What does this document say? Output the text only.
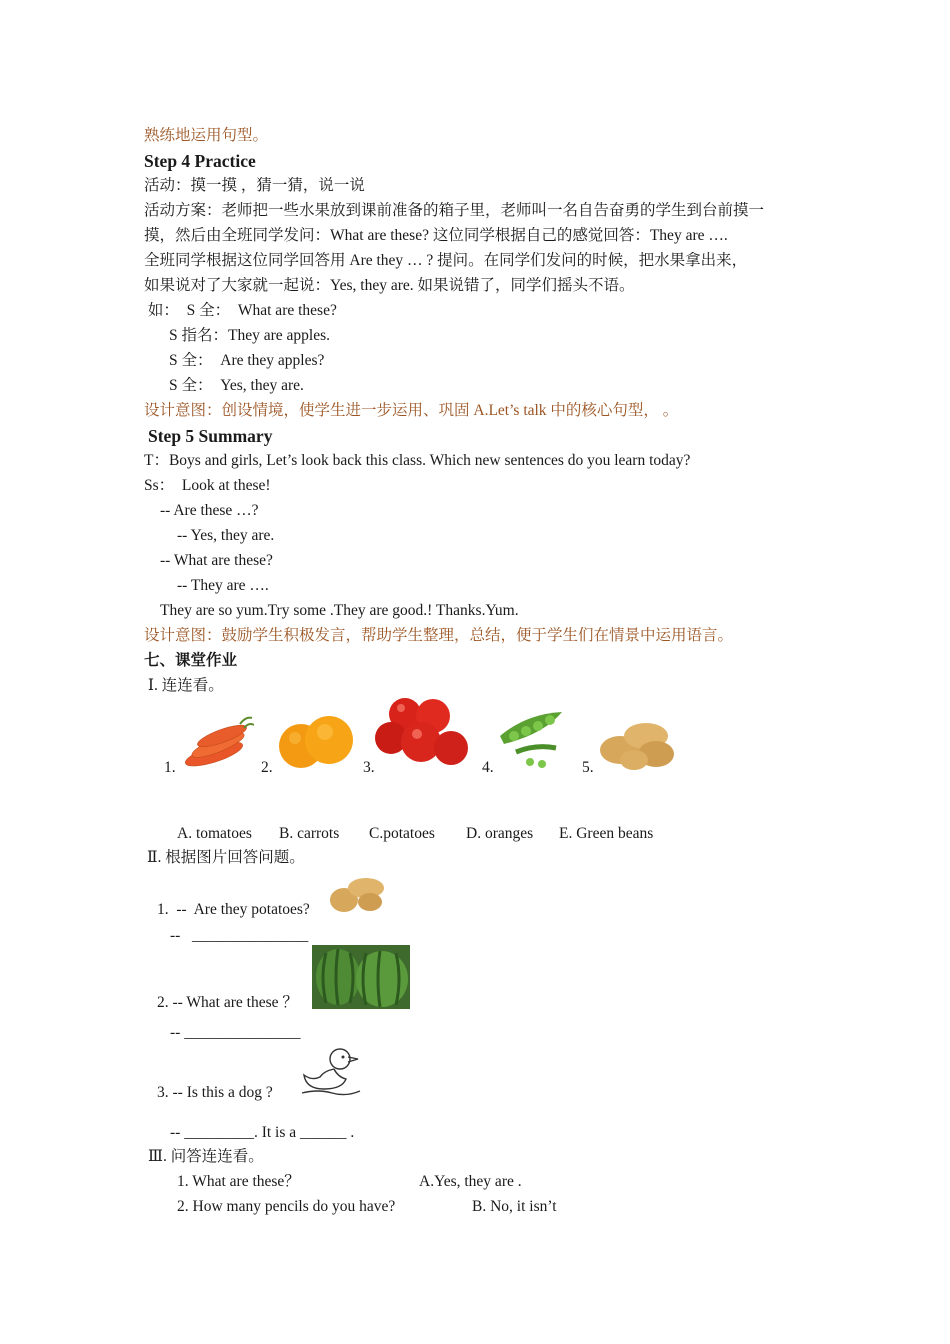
熟练地运用句型。
Step 4 Practice
活动：摸一摸 ，猜一猜，说一说
活动方案：老师把一些水果放到课前准备的箱子里，老师叫一名自告奋勇的学生到台前摸一
摸，然后由全班同学发问：What are these? 这位同学根据自己的感觉回答：They are ….
全班同学根据这位同学回答用 Are they … ? 提问。在同学们发问的时候，把水果拿出来，
如果说对了大家就一起说：Yes, they are. 如果说错了，同学们摇头不语。
如：  S 全：  What are these?
S 指名：They are apples.
S 全：  Are they apples?
S 全：  Yes, they are.
设计意图：创设情境，使学生进一步运用、巩固 A.Let’s talk 中的核心句型， 。
Step 5 Summary
T：Boys and girls, Let’s look back this class. Which new sentences do you learn today?
Ss：  Look at these!
-- Are these …?
-- Yes, they are.
-- What are these?
-- They are ….
They are so yum.Try some .They are good.! Thanks.Yum.
设计意图：鼓励学生积极发言，帮助学生整理，总结，便于学生们在情景中运用语言。
七、课堂作业
Ⅰ. 连连看。
1.	2.	3.	4.	5.
A. tomatoes B. carrots C.potatoes D. oranges E. Green beans
Ⅱ. 根据图片回答问题。
1.  --  Are they potatoes?
--   _______________
2. -- What are these ？
-- _______________
3. -- Is this a dog ?
-- _________. It is a ______ .
Ⅲ. 问答连连看。
1. What are these？	A.Yes, they are .
2. How many pencils do you have?	B. No, it isn’t
